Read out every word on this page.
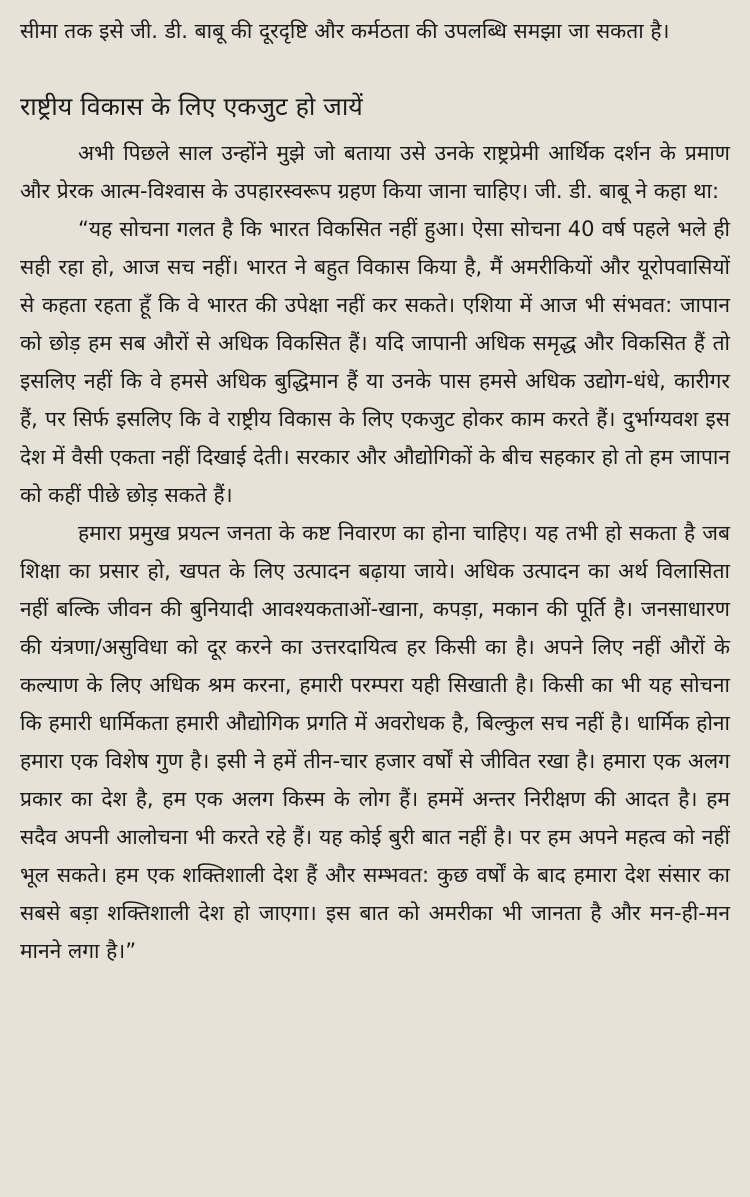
सीमा तक इसे जी. डी. बाबू की दूरदृष्टि और कर्मठता की उपलब्धि समझा जा सकता है।

राष्ट्रीय विकास के लिए एकजुट हो जायें

अभी पिछले साल उन्होंने मुझे जो बताया उसे उनके राष्ट्रप्रेमी आर्थिक दर्शन के प्रमाण और प्रेरक आत्म-विश्वास के उपहारस्वरूप ग्रहण किया जाना चाहिए। जी. डी. बाबू ने कहा था:

“यह सोचना गलत है कि भारत विकसित नहीं हुआ। ऐसा सोचना 40 वर्ष पहले भले ही सही रहा हो, आज सच नहीं। भारत ने बहुत विकास किया है, मैं अमरीकियों और यूरोपवासियों से कहता रहता हूँ कि वे भारत की उपेक्षा नहीं कर सकते। एशिया में आज भी संभवत: जापान को छोड़ हम सब औरों से अधिक विकसित हैं। यदि जापानी अधिक समृद्ध और विकसित हैं तो इसलिए नहीं कि वे हमसे अधिक बुद्धिमान हैं या उनके पास हमसे अधिक उद्योग-धंधे, कारीगर हैं, पर सिर्फ इसलिए कि वे राष्ट्रीय विकास के लिए एकजुट होकर काम करते हैं। दुर्भाग्यवश इस देश में वैसी एकता नहीं दिखाई देती। सरकार और औद्योगिकों के बीच सहकार हो तो हम जापान को कहीं पीछे छोड़ सकते हैं।

हमारा प्रमुख प्रयत्न जनता के कष्ट निवारण का होना चाहिए। यह तभी हो सकता है जब शिक्षा का प्रसार हो, खपत के लिए उत्पादन बढ़ाया जाये। अधिक उत्पादन का अर्थ विलासिता नहीं बल्कि जीवन की बुनियादी आवश्यकताओं-खाना, कपड़ा, मकान की पूर्ति है। जनसाधारण की यंत्रणा/असुविधा को दूर करने का उत्तरदायित्व हर किसी का है। अपने लिए नहीं औरों के कल्याण के लिए अधिक श्रम करना, हमारी परम्परा यही सिखाती है। किसी का भी यह सोचना कि हमारी धार्मिकता हमारी औद्योगिक प्रगति में अवरोधक है, बिल्कुल सच नहीं है। धार्मिक होना हमारा एक विशेष गुण है। इसी ने हमें तीन-चार हजार वर्षों से जीवित रखा है। हमारा एक अलग प्रकार का देश है, हम एक अलग किस्म के लोग हैं। हममें अन्तर निरीक्षण की आदत है। हम सदैव अपनी आलोचना भी करते रहे हैं। यह कोई बुरी बात नहीं है। पर हम अपने महत्व को नहीं भूल सकते। हम एक शक्तिशाली देश हैं और सम्भवत: कुछ वर्षों के बाद हमारा देश संसार का सबसे बड़ा शक्तिशाली देश हो जाएगा। इस बात को अमरीका भी जानता है और मन-ही-मन मानने लगा है।”
